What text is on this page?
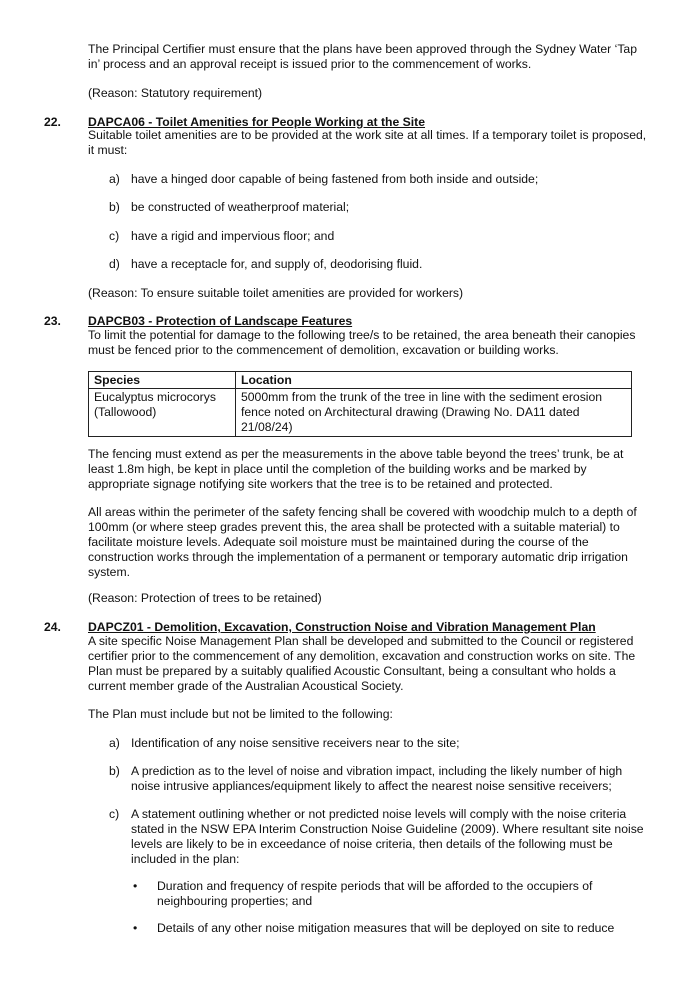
The Principal Certifier must ensure that the plans have been approved through the Sydney Water ‘Tap in’ process and an approval receipt is issued prior to the commencement of works.
(Reason: Statutory requirement)
22. DAPCA06 - Toilet Amenities for People Working at the Site
Suitable toilet amenities are to be provided at the work site at all times. If a temporary toilet is proposed, it must:
a) have a hinged door capable of being fastened from both inside and outside;
b) be constructed of weatherproof material;
c) have a rigid and impervious floor; and
d) have a receptacle for, and supply of, deodorising fluid.
(Reason: To ensure suitable toilet amenities are provided for workers)
23. DAPCB03 - Protection of Landscape Features
To limit the potential for damage to the following tree/s to be retained, the area beneath their canopies must be fenced prior to the commencement of demolition, excavation or building works.
Species	Location
Eucalyptus microcorys (Tallowood)	5000mm from the trunk of the tree in line with the sediment erosion fence noted on Architectural drawing (Drawing No. DA11 dated 21/08/24)
The fencing must extend as per the measurements in the above table beyond the trees’ trunk, be at least 1.8m high, be kept in place until the completion of the building works and be marked by appropriate signage notifying site workers that the tree is to be retained and protected.
All areas within the perimeter of the safety fencing shall be covered with woodchip mulch to a depth of 100mm (or where steep grades prevent this, the area shall be protected with a suitable material) to facilitate moisture levels. Adequate soil moisture must be maintained during the course of the construction works through the implementation of a permanent or temporary automatic drip irrigation system.
(Reason: Protection of trees to be retained)
24. DAPCZ01 - Demolition, Excavation, Construction Noise and Vibration Management Plan
A site specific Noise Management Plan shall be developed and submitted to the Council or registered certifier prior to the commencement of any demolition, excavation and construction works on site. The Plan must be prepared by a suitably qualified Acoustic Consultant, being a consultant who holds a current member grade of the Australian Acoustical Society.
The Plan must include but not be limited to the following:
a) Identification of any noise sensitive receivers near to the site;
b) A prediction as to the level of noise and vibration impact, including the likely number of high noise intrusive appliances/equipment likely to affect the nearest noise sensitive receivers;
c) A statement outlining whether or not predicted noise levels will comply with the noise criteria stated in the NSW EPA Interim Construction Noise Guideline (2009). Where resultant site noise levels are likely to be in exceedance of noise criteria, then details of the following must be included in the plan:
• Duration and frequency of respite periods that will be afforded to the occupiers of neighbouring properties; and
• Details of any other noise mitigation measures that will be deployed on site to reduce
